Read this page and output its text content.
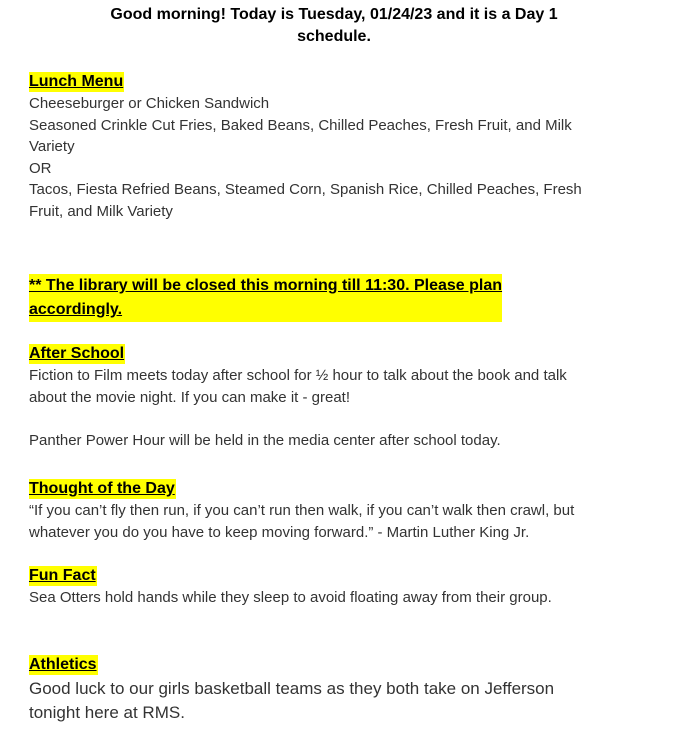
Good morning! Today is Tuesday, 01/24/23 and it is a Day 1
schedule.
Lunch Menu
Cheeseburger or Chicken Sandwich
Seasoned Crinkle Cut Fries, Baked Beans, Chilled Peaches, Fresh Fruit, and Milk
Variety
OR
Tacos, Fiesta Refried Beans, Steamed Corn, Spanish Rice, Chilled Peaches, Fresh
Fruit, and Milk Variety
** The library will be closed this morning till 11:30. Please plan
accordingly.
After School
Fiction to Film meets today after school for ½ hour to talk about the book and talk
about the movie night. If you can make it - great!
Panther Power Hour will be held in the media center after school today.
Thought of the Day
“If you can’t fly then run, if you can’t run then walk, if you can’t walk then crawl, but
whatever you do you have to keep moving forward.” - Martin Luther King Jr.
Fun Fact
Sea Otters hold hands while they sleep to avoid floating away from their group.
Athletics
Good luck to our girls basketball teams as they both take on Jefferson
tonight here at RMS.
